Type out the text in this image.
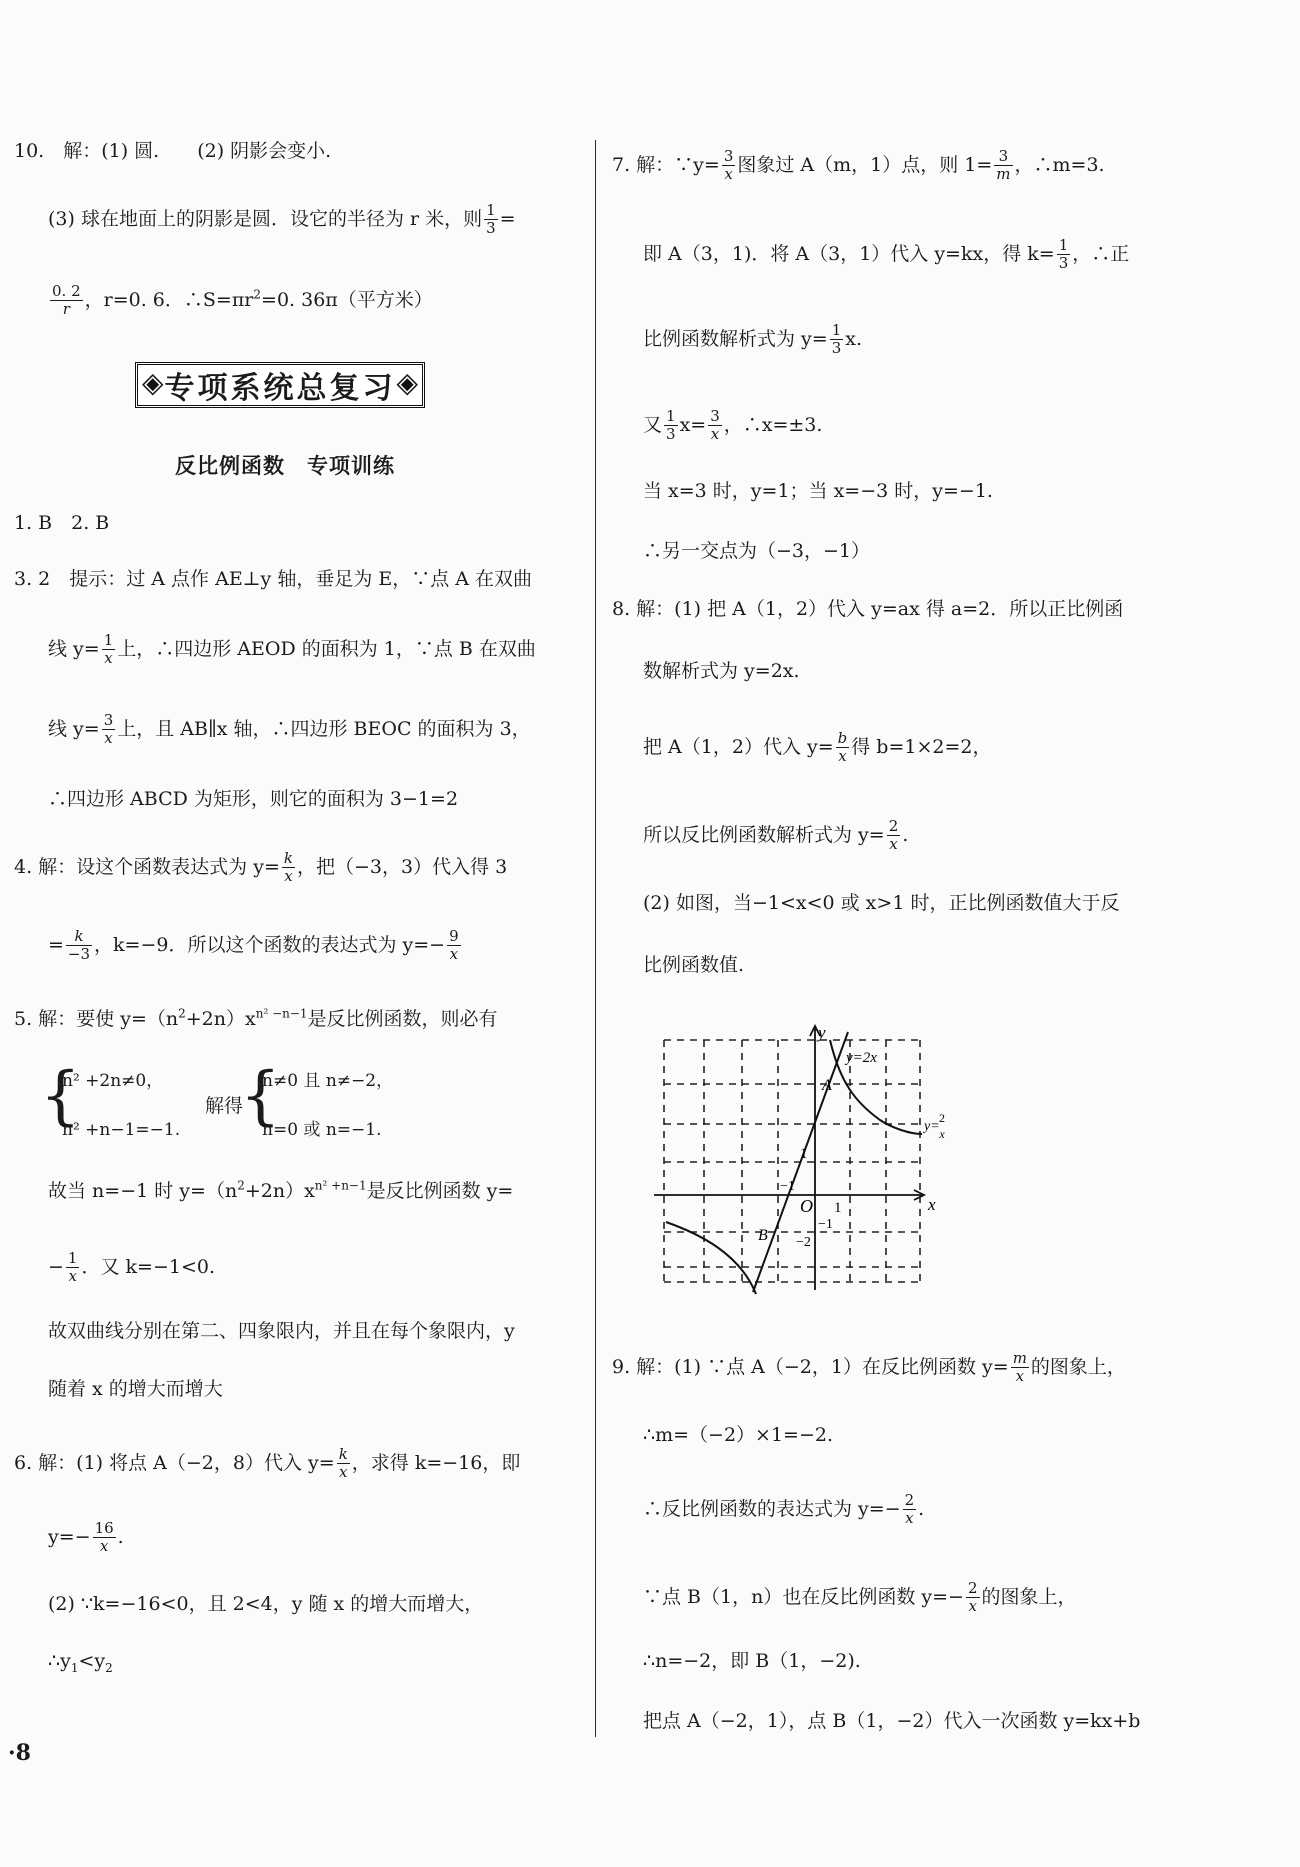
10.　解：(1) 圆.　　(2) 阴影会变小.
(3) 球在地面上的阴影是圆．设它的半径为 r 米，则 $\frac{1}{3}$ =
$\frac{0. 2}{r}$ ，r=0. 6．$\therefore S=\pi r^2=0$. 36π（平方米）
◈ 专项系统总复习 ◈
反比例函数　专项训练
1. B　2. B
3. 2　提示：过 A 点作 AE⊥y 轴，垂足为 E，∵点 A 在双曲
线 $y= \frac{1}{x}$ 上，∴四边形 AEOD 的面积为 1，∵点 B 在双曲
线 $y= \frac{3}{x}$ 上，且 AB∥x 轴，∴四边形 BEOC 的面积为 3，
∴四边形 ABCD 为矩形，则它的面积为 3−1=2
4. 解：设这个函数表达式为 $y= \frac{k}{x}$ ，把（−3，3）代入得 3
= $\frac{k}{-3}$ ，k=−9．所以这个函数的表达式为 $y=- \frac{9}{x}$
5. 解：要使 $y=(n^2+2n)x^{n^2 -n-1}$是反比例函数，则必有
{
n² +2n≠0，
n² +n−1=−1.
解得
{
n≠0 且 n≠−2，
n=0 或 n=−1.
故当 n=−1 时 $y=(n^2+2n)x^{n^2 +n-1}$是反比例函数 y=
− $\frac{1}{x}$ ．又 k=−1<0.
故双曲线分别在第二、四象限内，并且在每个象限内，y
随着 x 的增大而增大
6. 解：(1) 将点 A（−2，8）代入 $y= \frac{k}{x}$ ，求得 k=−16，即
$y=- \frac{16}{x}$ .
(2) ∵k=−16<0，且 2<4，y 随 x 的增大而增大，
$\therefore y_1<y_2$
7. 解：∵y= $\frac{3}{x}$ 图象过 A（m，1）点，则 $1= \frac{3}{m}$ ，∴m=3.
即 A（3，1)．将 A（3，1）代入 y=kx，得 $k= \frac{1}{3}$ ，∴正
比例函数解析式为 $y= \frac{1}{3} x$.
又 $\frac{1}{3} x= \frac{3}{x}$ ，∴x=±3.
当 x=3 时，y=1；当 x=−3 时，y=−1.
∴另一交点为（−3，−1）
8. 解：(1) 把 A（1，2）代入 y=ax 得 a=2．所以正比例函
数解析式为 y=2x.
把 A（1，2）代入 $y= \frac{b}{x}$ 得 b=1×2=2，
所以反比例函数解析式为 $y= \frac{2}{x}$ .
(2) 如图，当−1<x<0 或 x>1 时，正比例函数值大于反
比例函数值.
y
x
O
y=2x
y=
2
x
A
B
1
1
−1
−1
−2
9. 解：(1) ∵点 A（−2，1）在反比例函数 $y= \frac{m}{x}$ 的图象上，
∴m=（−2）×1=−2.
∴反比例函数的表达式为 $y=- \frac{2}{x}$ .
∵点 B（1，n）也在反比例函数 $y=- \frac{2}{x}$ 的图象上，
∴n=−2，即 B（1，−2).
把点 A（−2，1），点 B（1，−2）代入一次函数 y=kx+b
·8
